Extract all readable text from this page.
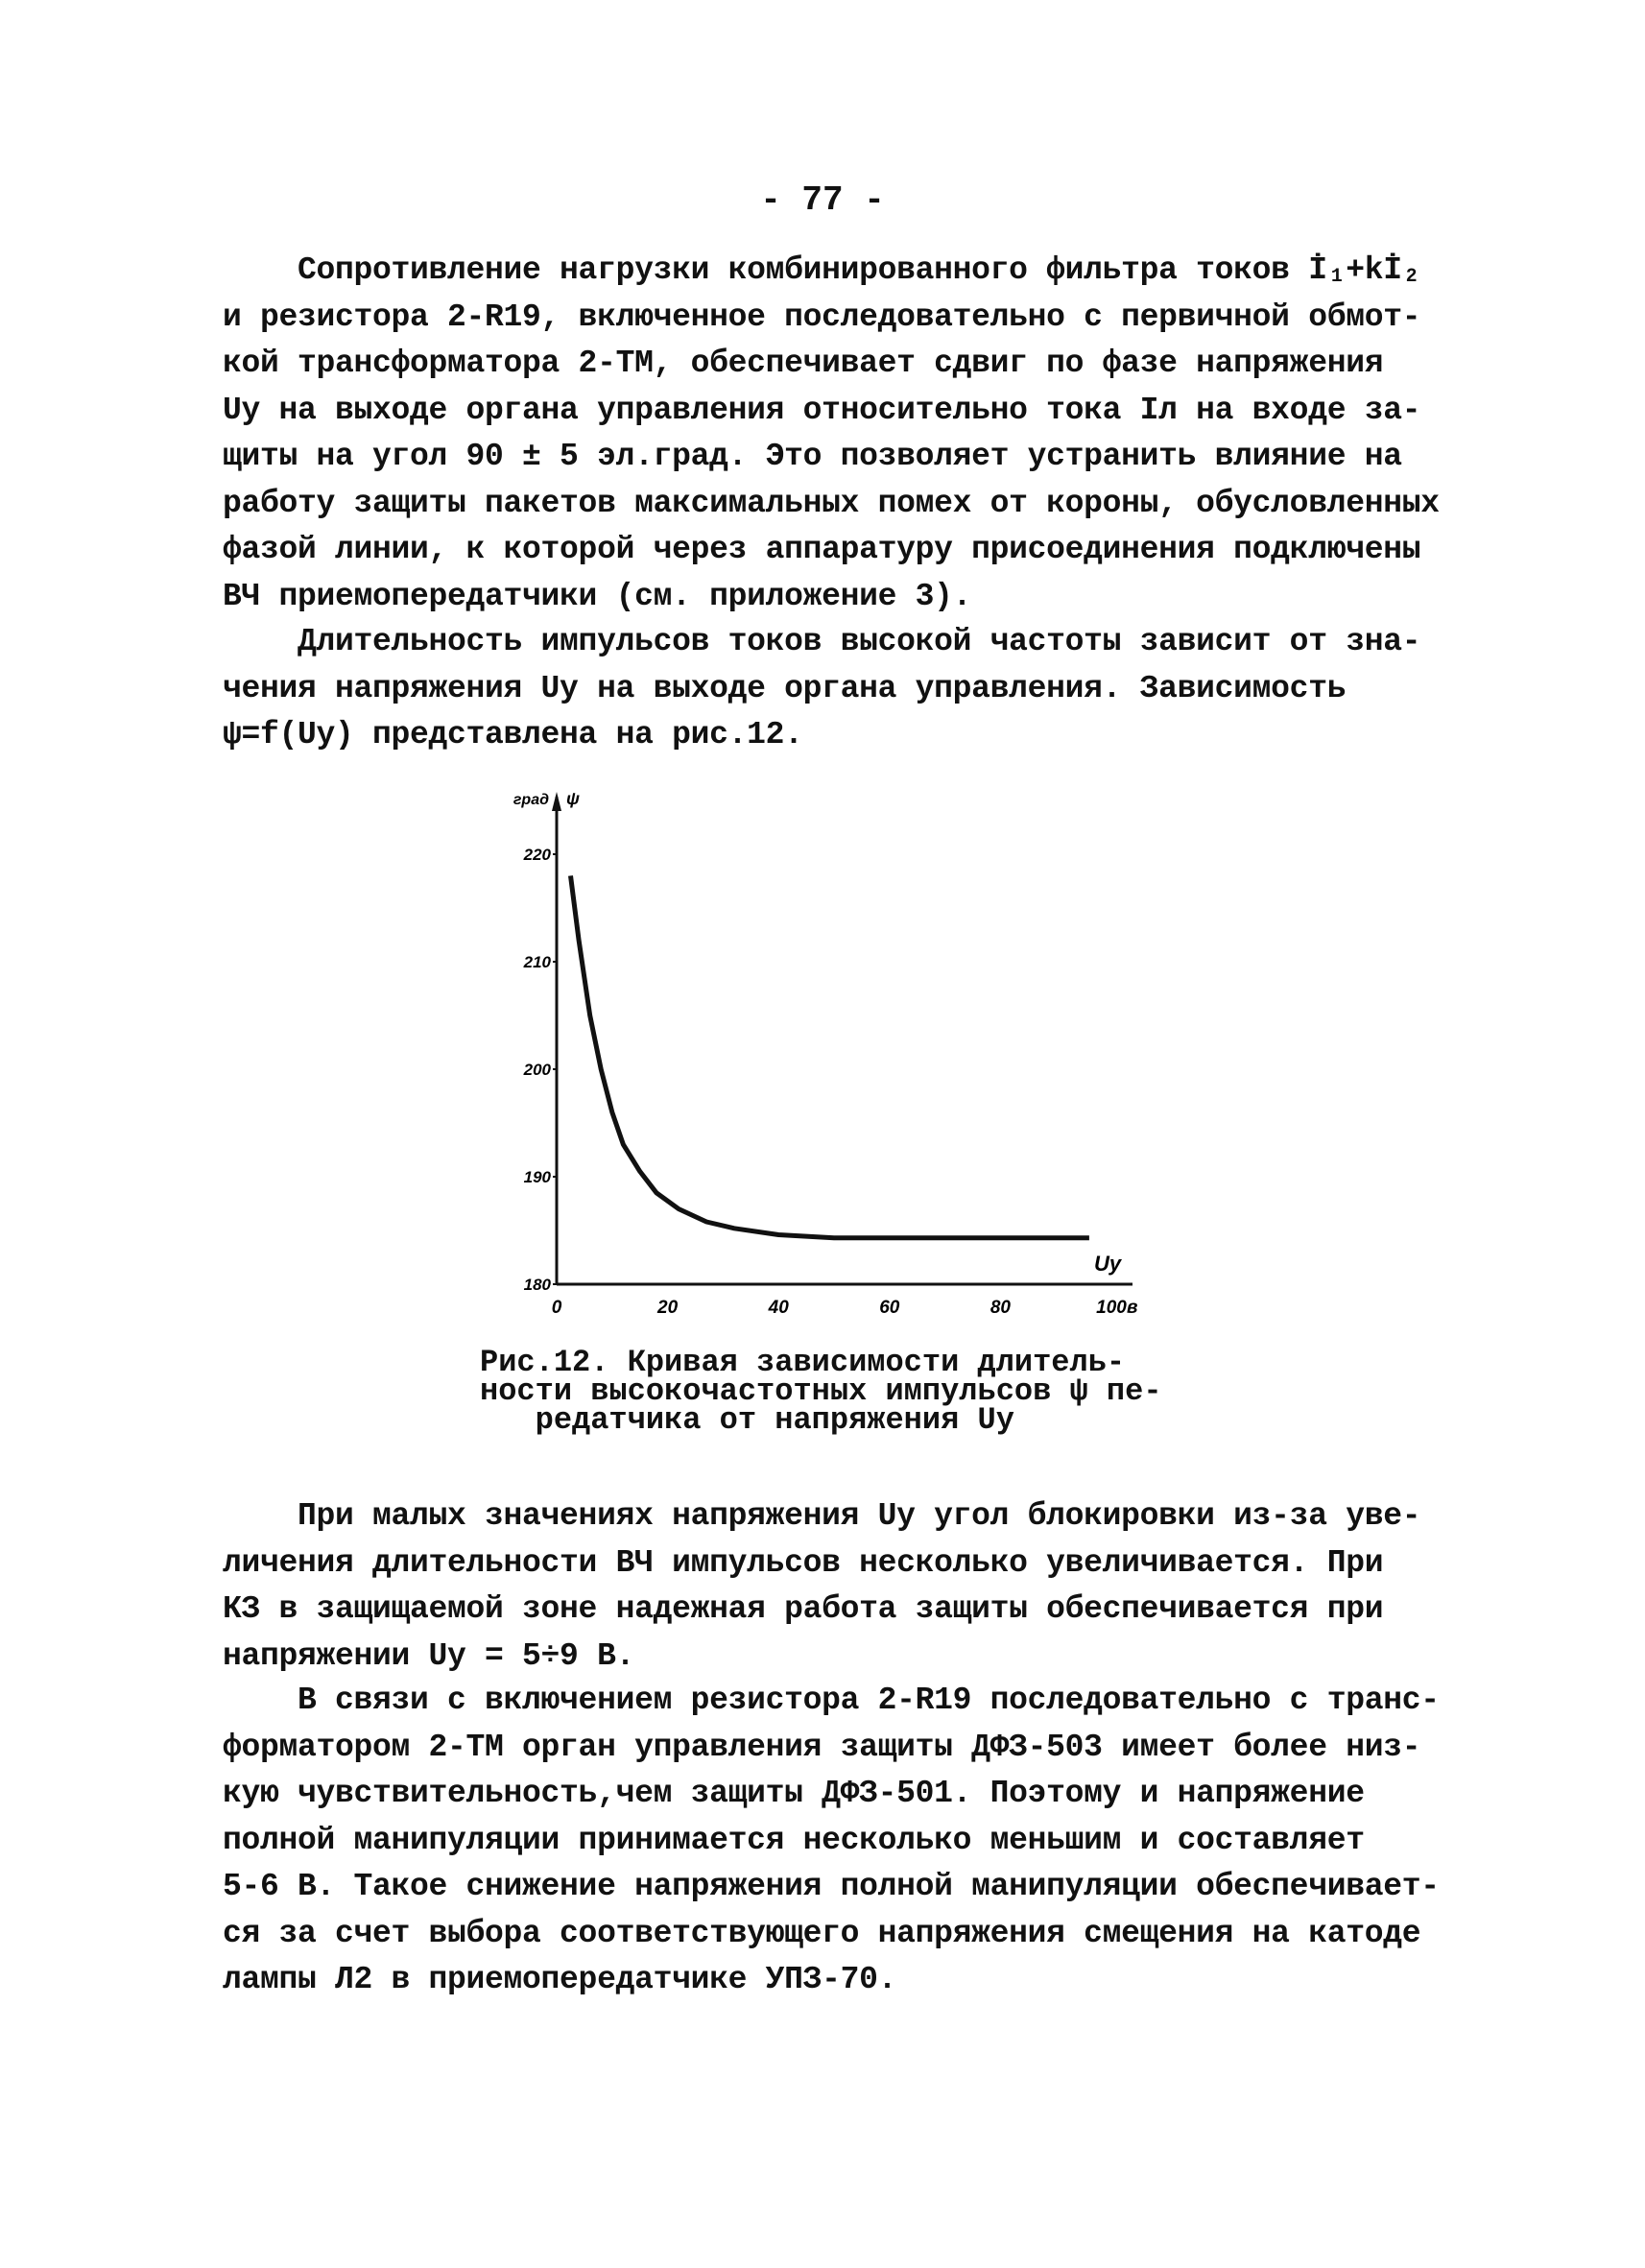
- 77 -
Сопротивление нагрузки комбинированного фильтра токов İ₁+kİ₂
и резистора 2-R19, включенное последовательно с первичной обмот-
кой трансформатора 2-ТМ, обеспечивает сдвиг по фазе напряжения
Uу на выходе органа управления относительно тока Iл на входе за-
щиты на угол 90 ± 5 эл.град. Это позволяет устранить влияние на
работу защиты пакетов максимальных помех от короны, обусловленных
фазой линии, к которой через аппаратуру присоединения подключены
ВЧ приемопередатчики (см. приложение 3).
Длительность импульсов токов высокой частоты зависит от зна-
чения напряжения Uу на выходе органа управления. Зависимость
ψ=f(Uу) представлена на рис.12.
180
190
200
210
220
0	20	40	60	80	100 в
град ψ
Uу
Рис.12. Кривая зависимости длитель-
ности высокочастотных импульсов ψ пе-
редатчика от напряжения Uу
При малых значениях напряжения Uу угол блокировки из-за уве-
личения длительности ВЧ импульсов несколько увеличивается. При
КЗ в защищаемой зоне надежная работа защиты обеспечивается при
напряжении Uу = 5÷9 В.
В связи с включением резистора 2-R19 последовательно с транс-
форматором 2-ТМ орган управления защиты ДФЗ-503 имеет более низ-
кую чувствительность,чем защиты ДФЗ-501. Поэтому и напряжение
полной манипуляции принимается несколько меньшим и составляет
5-6 В. Такое снижение напряжения полной манипуляции обеспечивает-
ся за счет выбора соответствующего напряжения смещения на катоде
лампы Л2 в приемопередатчике УПЗ-70.
